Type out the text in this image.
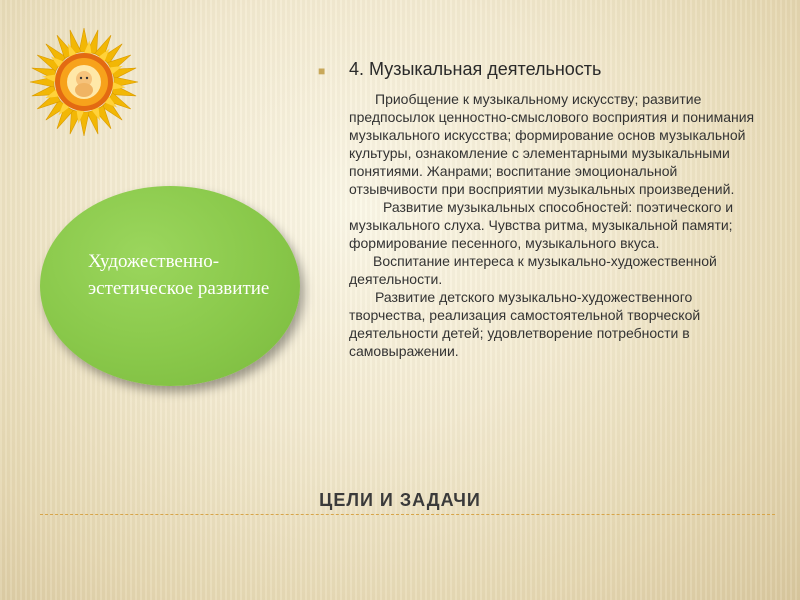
■ 4. Музыкальная деятельность

Приобщение к музыкальному искусству; развитие предпосылок ценностно-смыслового восприятия и понимания музыкального искусства; формирование основ музыкальной культуры, ознакомление с элементарными музыкальными понятиями. Жанрами; воспитание эмоциональной отзывчивости при восприятии музыкальных произведений.

Развитие музыкальных способностей: поэтического и музыкального слуха. Чувства ритма, музыкальной памяти; формирование песенного, музыкального вкуса.

Воспитание интереса к музыкально-художественной деятельности.

Развитие детского музыкально-художественного творчества, реализация самостоятельной творческой деятельности детей; удовлетворение потребности в самовыражении.

Художественно-эстетическое развитие
ЦЕЛИ И ЗАДАЧИ
